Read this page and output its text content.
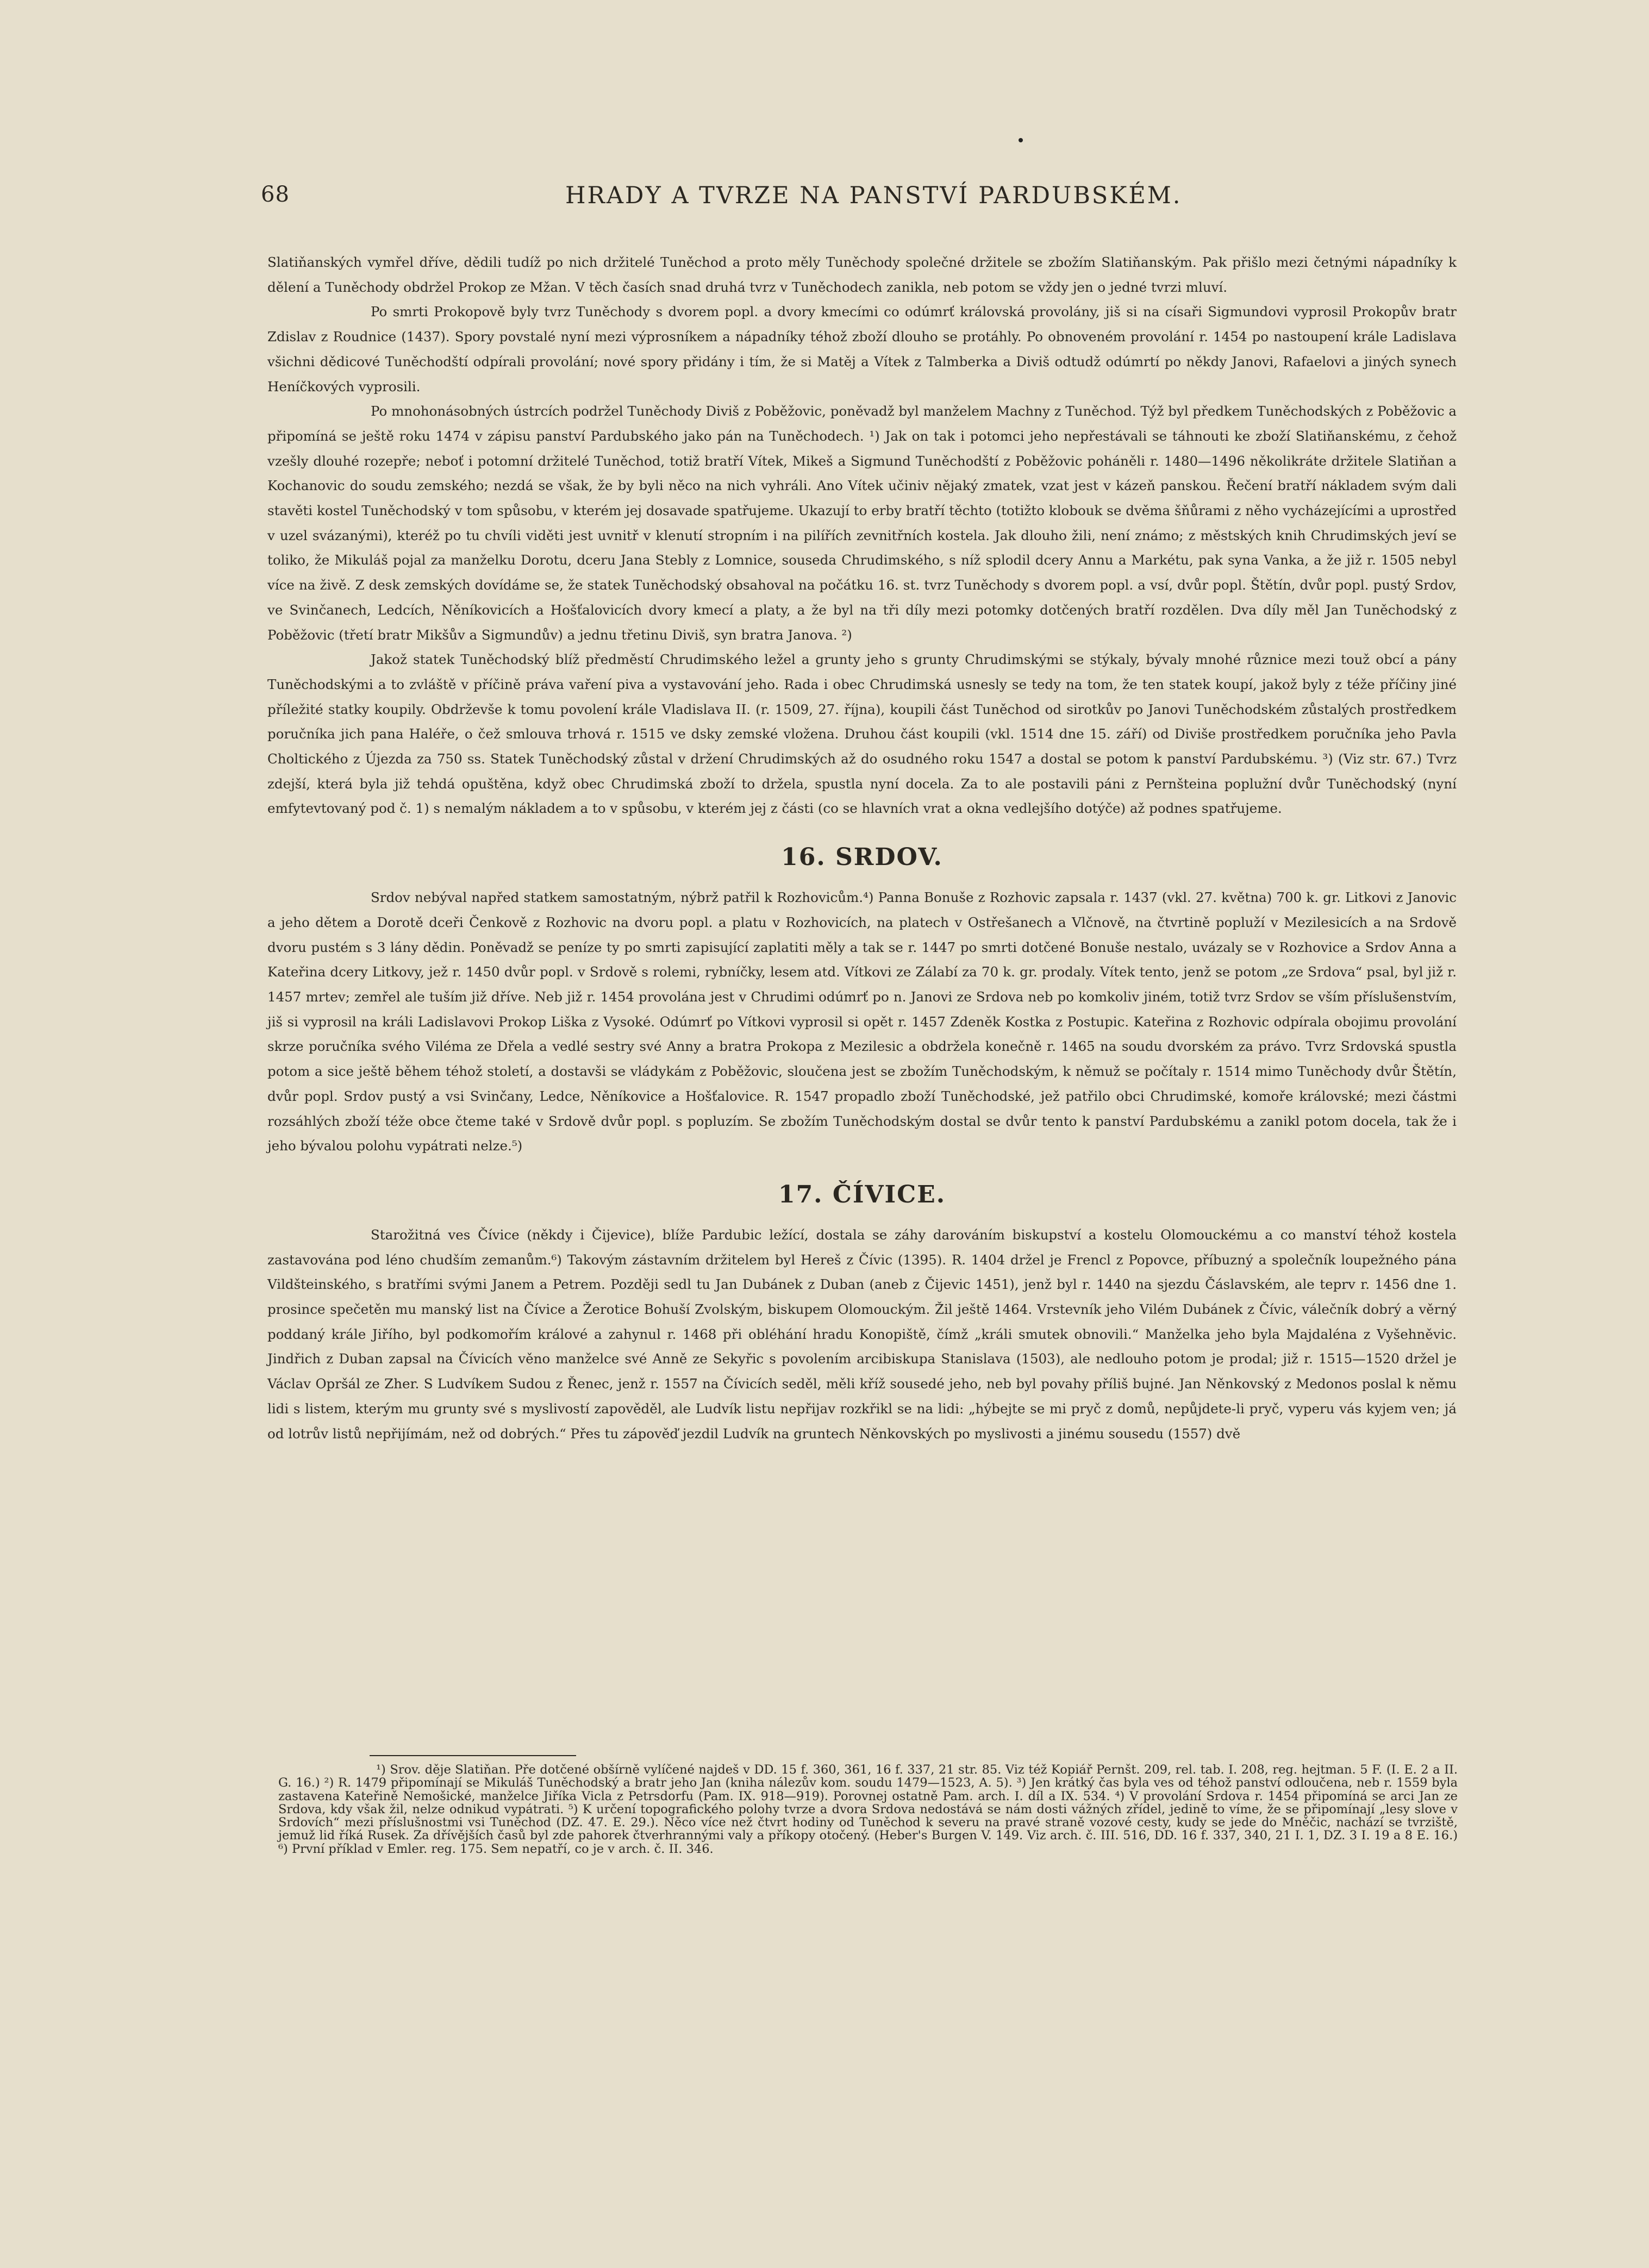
68	HRADY A TVRZE NA PANSTVÍ PARDUBSKÉM.

Slatiňanských vymřel dříve, dědili tudíž po nich držitelé Tuněchod a proto měly Tuněchody společné držitele se zbožím Slatiňanským. Pak přišlo mezi četnými nápadníky k dělení a Tuněchody obdržel Prokop ze Mžan. V těch časích snad druhá tvrz v Tuněchodech zanikla, neb potom se vždy jen o jedné tvrzi mluví.

Po smrti Prokopově byly tvrz Tuněchody s dvorem popl. a dvory kmecími co odúmrť královská provolány, jiš si na císaři Sigmundovi vyprosil Prokopův bratr Zdislav z Roudnice (1437). Spory povstalé nyní mezi výprosníkem a nápadníky téhož zboží dlouho se protáhly. Po obnoveném provolání r. 1454 po nastoupení krále Ladislava všichni dědicové Tuněchodští odpírali provolání; nové spory přidány i tím, že si Matěj a Vítek z Talmberka a Diviš odtudž odúmrtí po někdy Janovi, Rafaelovi a jiných synech Heníčkových vyprosili.

Po mnohonásobných ústrcích podržel Tuněchody Diviš z Poběžovic, poněvadž byl manželem Machny z Tuněchod. Týž byl předkem Tuněchodských z Poběžovic a připomíná se ještě roku 1474 v zápisu panství Pardubského jako pán na Tuněchodech. ¹) Jak on tak i potomci jeho nepřestávali se táhnouti ke zboží Slatiňanskému, z čehož vzešly dlouhé rozepře; neboť i potomní držitelé Tuněchod, totiž bratří Vítek, Mikeš a Sigmund Tuněchodští z Poběžovic poháněli r. 1480—1496 několikráte držitele Slatiňan a Kochanovic do soudu zemského; nezdá se však, že by byli něco na nich vyhráli. Ano Vítek učiniv nějaký zmatek, vzat jest v kázeň panskou. Řečení bratří nákladem svým dali stavěti kostel Tuněchodský v tom spůsobu, v kterém jej dosavade spatřujeme. Ukazují to erby bratří těchto (totižto klobouk se dvěma šňůrami z něho vycházejícími a uprostřed v uzel svázanými), kteréž po tu chvíli viděti jest uvnitř v klenutí stropním i na pilířích zevnitřních kostela. Jak dlouho žili, není známo; z městských knih Chrudimských jeví se toliko, že Mikuláš pojal za manželku Dorotu, dceru Jana Stebly z Lomnice, souseda Chrudimského, s níž splodil dcery Annu a Markétu, pak syna Vanka, a že již r. 1505 nebyl více na živě. Z desk zemských dovídáme se, že statek Tuněchodský obsahoval na počátku 16. st. tvrz Tuněchody s dvorem popl. a vsí, dvůr popl. Štětín, dvůr popl. pustý Srdov, ve Svinčanech, Ledcích, Něníkovicích a Hošťalovicích dvory kmecí a platy, a že byl na tři díly mezi potomky dotčených bratří rozdělen. Dva díly měl Jan Tuněchodský z Poběžovic (třetí bratr Mikšův a Sigmundův) a jednu třetinu Diviš, syn bratra Janova. ²)

Jakož statek Tuněchodský blíž předměstí Chrudimského ležel a grunty jeho s grunty Chrudimskými se stýkaly, bývaly mnohé různice mezi touž obcí a pány Tuněchodskými a to zvláště v příčině práva vaření piva a vystavování jeho. Rada i obec Chrudimská usnesly se tedy na tom, že ten statek koupí, jakož byly z téže příčiny jiné příležité statky koupily. Obdrževše k tomu povolení krále Vladislava II. (r. 1509, 27. října), koupili část Tuněchod od sirotkův po Janovi Tuněchodském zůstalých prostředkem poručníka jich pana Haléře, o čež smlouva trhová r. 1515 ve dsky zemské vložena. Druhou část koupili (vkl. 1514 dne 15. září) od Diviše prostředkem poručníka jeho Pavla Choltického z Újezda za 750 ss. Statek Tuněchodský zůstal v držení Chrudimských až do osudného roku 1547 a dostal se potom k panství Pardubskému. ³) (Viz str. 67.) Tvrz zdejší, která byla již tehdá opuštěna, když obec Chrudimská zboží to držela, spustla nyní docela. Za to ale postavili páni z Pernšteina poplužní dvůr Tuněchodský (nyní emfytevtovaný pod č. 1) s nemalým nákladem a to v spůsobu, v kterém jej z části (co se hlavních vrat a okna vedlejšího dotýče) až podnes spatřujeme.

16. SRDOV.

Srdov nebýval napřed statkem samostatným, nýbrž patřil k Rozhovicům.⁴) Panna Bonuše z Rozhovic zapsala r. 1437 (vkl. 27. května) 700 k. gr. Litkovi z Janovic a jeho dětem a Dorotě dceři Čenkově z Rozhovic na dvoru popl. a platu v Rozhovicích, na platech v Ostřešanech a Vlčnově, na čtvrtině popluží v Mezilesicích a na Srdově dvoru pustém s 3 lány dědin. Poněvadž se peníze ty po smrti zapisující zaplatiti měly a tak se r. 1447 po smrti dotčené Bonuše nestalo, uvázaly se v Rozhovice a Srdov Anna a Kateřina dcery Litkovy, jež r. 1450 dvůr popl. v Srdově s rolemi, rybníčky, lesem atd. Vítkovi ze Zálabí za 70 k. gr. prodaly. Vítek tento, jenž se potom „ze Srdova“ psal, byl již r. 1457 mrtev; zemřel ale tuším již dříve. Neb již r. 1454 provolána jest v Chrudimi odúmrť po n. Janovi ze Srdova neb po komkoliv jiném, totiž tvrz Srdov se vším příslušenstvím, jiš si vyprosil na králi Ladislavovi Prokop Liška z Vysoké. Odúmrť po Vítkovi vyprosil si opět r. 1457 Zdeněk Kostka z Postupic. Kateřina z Rozhovic odpírala obojimu provolání skrze poručníka svého Viléma ze Dřela a vedlé sestry své Anny a bratra Prokopa z Mezilesic a obdržela konečně r. 1465 na soudu dvorském za právo. Tvrz Srdovská spustla potom a sice ještě během téhož století, a dostavši se vládykám z Poběžovic, sloučena jest se zbožím Tuněchodským, k němuž se počítaly r. 1514 mimo Tuněchody dvůr Štětín, dvůr popl. Srdov pustý a vsi Svinčany, Ledce, Něníkovice a Hošťalovice. R. 1547 propadlo zboží Tuněchodské, jež patřilo obci Chrudimské, komoře královské; mezi částmi rozsáhlých zboží téže obce čteme také v Srdově dvůr popl. s popluzím. Se zbožím Tuněchodským dostal se dvůr tento k panství Pardubskému a zanikl potom docela, tak že i jeho bývalou polohu vypátrati nelze.⁵)

17. ČÍVICE.

Starožitná ves Čívice (někdy i Čijevice), blíže Pardubic ležící, dostala se záhy darováním biskupství a kostelu Olomouckému a co manství téhož kostela zastavována pod léno chudším zemanům.⁶) Takovým zástavním držitelem byl Hereš z Čívic (1395). R. 1404 držel je Frencl z Popovce, příbuzný a společník loupežného pána Vildšteinského, s bratřími svými Janem a Petrem. Později sedl tu Jan Dubánek z Duban (aneb z Čijevic 1451), jenž byl r. 1440 na sjezdu Čáslavském, ale teprv r. 1456 dne 1. prosince spečetěn mu manský list na Čívice a Žerotice Bohuší Zvolským, biskupem Olomouckým. Žil ještě 1464. Vrstevník jeho Vilém Dubánek z Čívic, válečník dobrý a věrný poddaný krále Jiřího, byl podkomořím králové a zahynul r. 1468 při obléhání hradu Konopiště, čímž „králi smutek obnovili.“ Manželka jeho byla Majdaléna z Vyšehněvic. Jindřich z Duban zapsal na Čívicích věno manželce své Anně ze Sekyřic s povolením arcibiskupa Stanislava (1503), ale nedlouho potom je prodal; již r. 1515—1520 držel je Václav Opršál ze Zher. S Ludvíkem Sudou z Řenec, jenž r. 1557 na Čívicích seděl, měli kříž sousedé jeho, neb byl povahy příliš bujné. Jan Něnkovský z Medonos poslal k němu lidi s listem, kterým mu grunty své s myslivostí zapověděl, ale Ludvík listu nepřijav rozkřikl se na lidi: „hýbejte se mi pryč z domů, nepůjdete-li pryč, vyperu vás kyjem ven; já od lotrův listů nepřijímám, než od dobrých.“ Přes tu zápověď jezdil Ludvík na gruntech Něnkovských po myslivosti a jinému sousedu (1557) dvě

¹) Srov. děje Slatiňan. Pře dotčené obšírně vylíčené najdeš v DD. 15 f. 360, 361, 16 f. 337, 21 str. 85. Viz též Kopiář Pernšt. 209, rel. tab. I. 208, reg. hejtman. 5 F. (I. E. 2 a II. G. 16.) ²) R. 1479 připomínají se Mikuláš Tuněchodský a bratr jeho Jan (kniha nálezův kom. soudu 1479—1523, A. 5). ³) Jen krátký čas byla ves od téhož panství odloučena, neb r. 1559 byla zastavena Kateřině Nemošické, manželce Jiříka Vicla z Petrsdorfu (Pam. IX. 918—919). Porovnej ostatně Pam. arch. I. díl a IX. 534. ⁴) V provolání Srdova r. 1454 připomíná se arci Jan ze Srdova, kdy však žil, nelze odnikud vypátrati. ⁵) K určení topografického polohy tvrze a dvora Srdova nedostává se nám dosti vážných zřídel, jedině to víme, že se připomínají „lesy slove v Srdovích“ mezi příslušnostmi vsi Tuněchod (DZ. 47. E. 29.). Něco více než čtvrt hodiny od Tuněchod k severu na pravé straně vozové cesty, kudy se jede do Mněčic, nachází se tvrziště, jemuž lid říká Rusek. Za dřívějších časů byl zde pahorek čtverhrannými valy a příkopy otočený. (Heber's Burgen V. 149. Viz arch. č. III. 516, DD. 16 f. 337, 340, 21 I. 1, DZ. 3 I. 19 a 8 E. 16.) ⁶) První příklad v Emler. reg. 175. Sem nepatří, co je v arch. č. II. 346.
